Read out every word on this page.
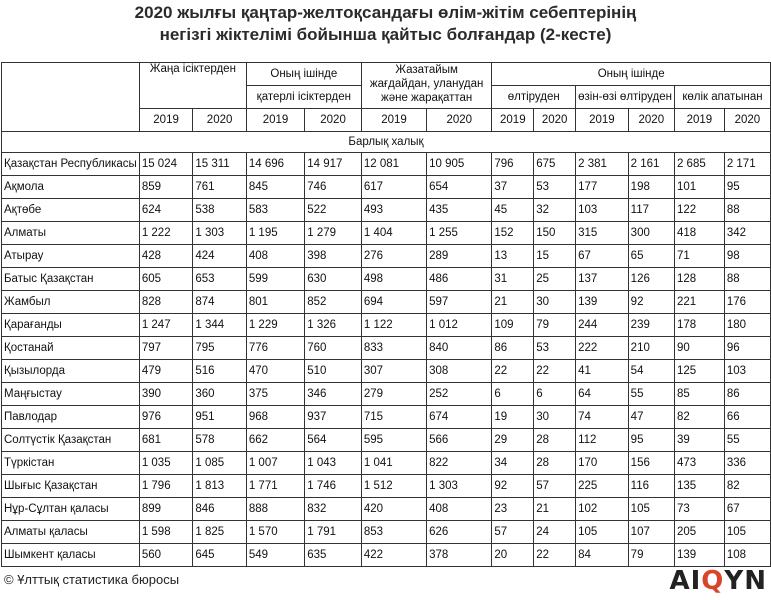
2020 жылғы қаңтар-желтоқсандағы өлім-жітім себептерінің
негізгі жіктелімі бойынша қайтыс болғандар (2-кесте)
	Жаңа ісіктерден		Оның ішінде		Жазатайым жағдайдан, уланудан және жарақаттан		Оның ішінде					
			қатерлі ісіктерден				өлтіруден		өзін-өзі өлтіруден		көлік апатынан	
	2019	2020	2019	2020	2019	2020	2019	2020	2019	2020	2019	2020
Барлық халық												
Қазақстан Республикасы	15 024	15 311	14 696	14 917	12 081	10 905	796	675	2 381	2 161	2 685	2 171
Ақмола	859	761	845	746	617	654	37	53	177	198	101	95
Ақтөбе	624	538	583	522	493	435	45	32	103	117	122	88
Алматы	1 222	1 303	1 195	1 279	1 404	1 255	152	150	315	300	418	342
Атырау	428	424	408	398	276	289	13	15	67	65	71	98
Батыс Қазақстан	605	653	599	630	498	486	31	25	137	126	128	88
Жамбыл	828	874	801	852	694	597	21	30	139	92	221	176
Қарағанды	1 247	1 344	1 229	1 326	1 122	1 012	109	79	244	239	178	180
Қостанай	797	795	776	760	833	840	86	53	222	210	90	96
Қызылорда	479	516	470	510	307	308	22	22	41	54	125	103
Маңғыстау	390	360	375	346	279	252	6	6	64	55	85	86
Павлодар	976	951	968	937	715	674	19	30	74	47	82	66
Солтүстік Қазақстан	681	578	662	564	595	566	29	28	112	95	39	55
Түркістан	1 035	1 085	1 007	1 043	1 041	822	34	28	170	156	473	336
Шығыс Қазақстан	1 796	1 813	1 771	1 746	1 512	1 303	92	57	225	116	135	82
Нұр-Сұлтан қаласы	899	846	888	832	420	408	23	21	102	105	73	67
Алматы қаласы	1 598	1 825	1 570	1 791	853	626	57	24	105	107	205	105
Шымкент қаласы	560	645	549	635	422	378	20	22	84	79	139	108
© Ұлттық статистика бюросы	AIQYN
